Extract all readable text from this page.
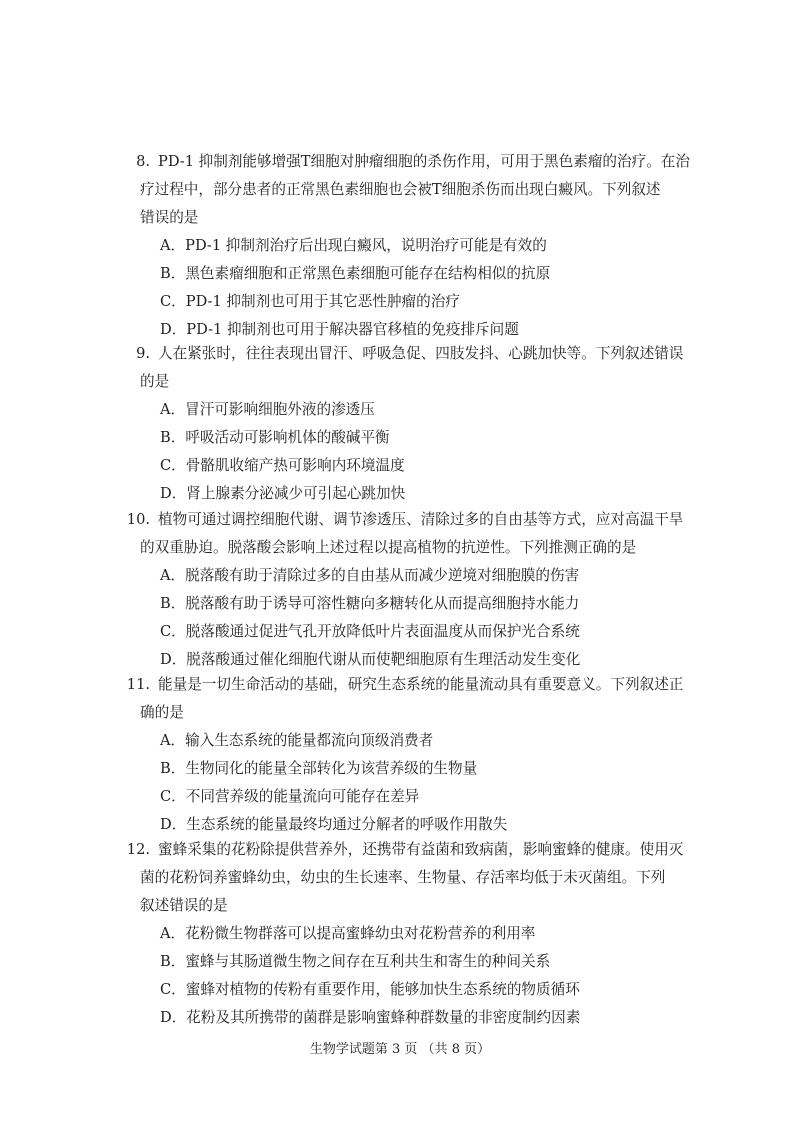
8. PD-1 抑制剂能够增强T细胞对肿瘤细胞的杀伤作用，可用于黑色素瘤的治疗。在治
疗过程中，部分患者的正常黑色素细胞也会被T细胞杀伤而出现白癜风。下列叙述
错误的是
A．PD-1 抑制剂治疗后出现白癜风，说明治疗可能是有效的
B．黑色素瘤细胞和正常黑色素细胞可能存在结构相似的抗原
C．PD-1 抑制剂也可用于其它恶性肿瘤的治疗
D．PD-1 抑制剂也可用于解决器官移植的免疫排斥问题
9. 人在紧张时，往往表现出冒汗、呼吸急促、四肢发抖、心跳加快等。下列叙述错误
的是
A．冒汗可影响细胞外液的渗透压
B．呼吸活动可影响机体的酸碱平衡
C．骨骼肌收缩产热可影响内环境温度
D．肾上腺素分泌减少可引起心跳加快
10. 植物可通过调控细胞代谢、调节渗透压、清除过多的自由基等方式，应对高温干旱
的双重胁迫。脱落酸会影响上述过程以提高植物的抗逆性。下列推测正确的是
A．脱落酸有助于清除过多的自由基从而减少逆境对细胞膜的伤害
B．脱落酸有助于诱导可溶性糖向多糖转化从而提高细胞持水能力
C．脱落酸通过促进气孔开放降低叶片表面温度从而保护光合系统
D．脱落酸通过催化细胞代谢从而使靶细胞原有生理活动发生变化
11. 能量是一切生命活动的基础，研究生态系统的能量流动具有重要意义。下列叙述正
确的是
A．输入生态系统的能量都流向顶级消费者
B．生物同化的能量全部转化为该营养级的生物量
C．不同营养级的能量流向可能存在差异
D．生态系统的能量最终均通过分解者的呼吸作用散失
12. 蜜蜂采集的花粉除提供营养外，还携带有益菌和致病菌，影响蜜蜂的健康。使用灭
菌的花粉饲养蜜蜂幼虫，幼虫的生长速率、生物量、存活率均低于未灭菌组。下列
叙述错误的是
A．花粉微生物群落可以提高蜜蜂幼虫对花粉营养的利用率
B．蜜蜂与其肠道微生物之间存在互利共生和寄生的种间关系
C．蜜蜂对植物的传粉有重要作用，能够加快生态系统的物质循环
D．花粉及其所携带的菌群是影响蜜蜂种群数量的非密度制约因素
生物学试题第 3 页 （共 8 页）
